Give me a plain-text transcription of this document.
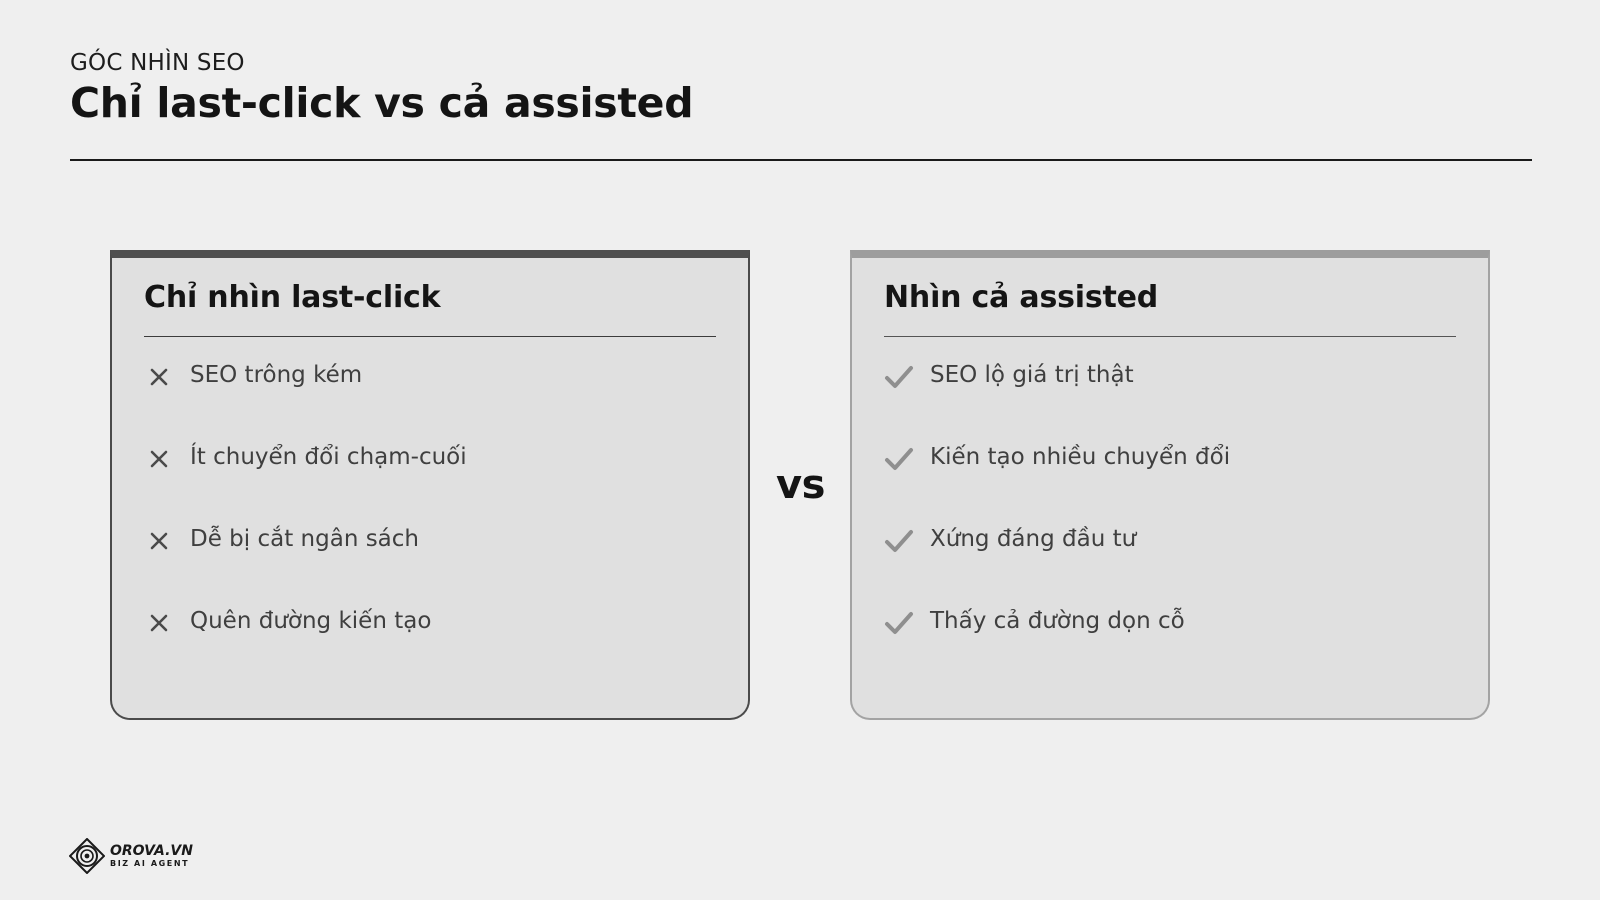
GÓC NHÌN SEO
Chỉ last-click vs cả assisted
Chỉ nhìn last-click
SEO trông kém
Ít chuyển đổi chạm-cuối
Dễ bị cắt ngân sách
Quên đường kiến tạo
vs
Nhìn cả assisted
SEO lộ giá trị thật
Kiến tạo nhiều chuyển đổi
Xứng đáng đầu tư
Thấy cả đường dọn cỗ
OROVA.VN
BIZ AI AGENT
